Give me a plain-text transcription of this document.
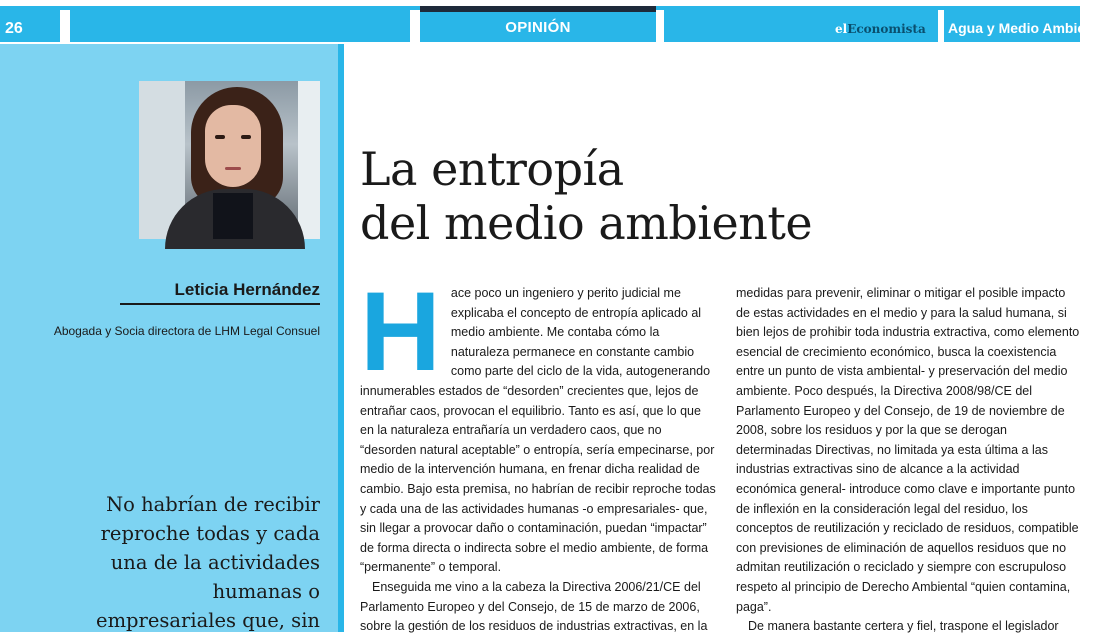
26	OPINIÓN	elEconomista	Agua y Medio Ambiente
Leticia Hernández
Abogada y Socia directora de LHM Legal Consuel
No habrían de recibir reproche todas y cada una de la actividades humanas o empresariales que, sin
La entropía
del medio ambiente
H ace poco un ingeniero y perito judicial me explicaba el concepto de entropía aplicado al medio ambiente. Me contaba cómo la naturaleza permanece en constante cambio como parte del ciclo de la vida, autogenerando innumerables estados de “desorden” crecientes que, lejos de entrañar caos, provocan el equilibrio. Tanto es así, que lo que en la naturaleza entrañaría un verdadero caos, que no “desorden natural aceptable” o entropía, sería empecinarse, por medio de la intervención humana, en frenar dicha realidad de cambio. Bajo esta premisa, no habrían de recibir reproche todas y cada una de las actividades humanas -o empresariales- que, sin llegar a provocar daño o contaminación, puedan “impactar” de forma directa o indirecta sobre el medio ambiente, de forma “permanente” o temporal.

Enseguida me vino a la cabeza la Directiva 2006/21/CE del Parlamento Europeo y del Consejo, de 15 de marzo de 2006, sobre la gestión de los residuos de industrias extractivas, en la

medidas para prevenir, eliminar o mitigar el posible impacto de estas actividades en el medio y para la salud humana, si bien lejos de prohibir toda industria extractiva, como elemento esencial de crecimiento económico, busca la coexistencia entre un punto de vista ambiental- y preservación del medio ambiente. Poco después, la Directiva 2008/98/CE del Parlamento Europeo y del Consejo, de 19 de noviembre de 2008, sobre los residuos y por la que se derogan determinadas Directivas, no limitada ya esta última a las industrias extractivas sino de alcance a la actividad económica general- introduce como clave e importante punto de inflexión en la consideración legal del residuo, los conceptos de reutilización y reciclado de residuos, compatible con previsiones de eliminación de aquellos residuos que no admitan reutilización o reciclado y siempre con escrupuloso respeto al principio de Derecho Ambiental “quien contamina, paga”.

De manera bastante certera y fiel, traspone el legislador
